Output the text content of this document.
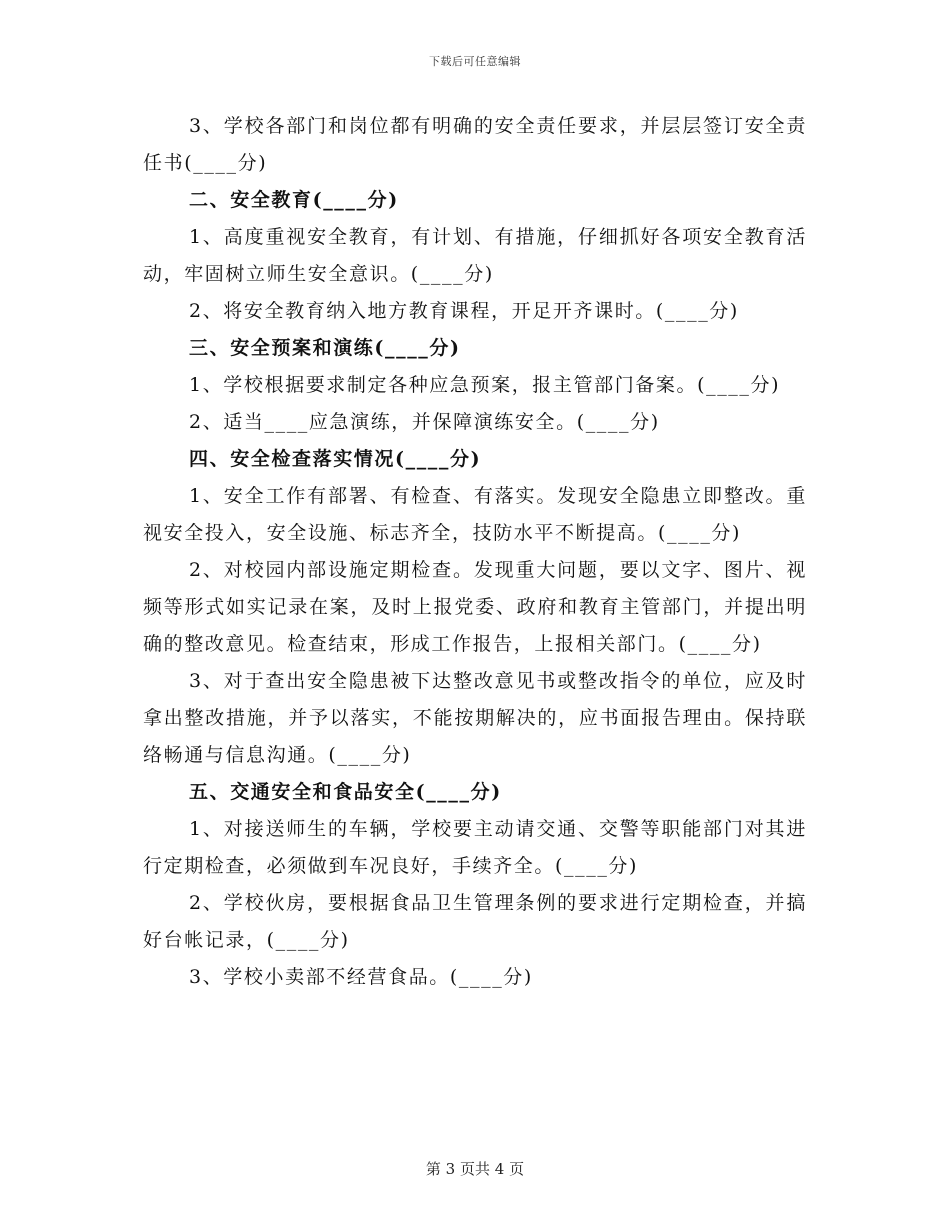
下载后可任意编辑

3、学校各部门和岗位都有明确的安全责任要求，并层层签订安全责任书(____分)

二、安全教育(____分)

1、高度重视安全教育，有计划、有措施，仔细抓好各项安全教育活动，牢固树立师生安全意识。(____分)

2、将安全教育纳入地方教育课程，开足开齐课时。(____分)

三、安全预案和演练(____分)

1、学校根据要求制定各种应急预案，报主管部门备案。(____分)

2、适当____应急演练，并保障演练安全。(____分)

四、安全检查落实情况(____分)

1、安全工作有部署、有检查、有落实。发现安全隐患立即整改。重视安全投入，安全设施、标志齐全，技防水平不断提高。(____分)

2、对校园内部设施定期检查。发现重大问题，要以文字、图片、视频等形式如实记录在案，及时上报党委、政府和教育主管部门，并提出明确的整改意见。检查结束，形成工作报告，上报相关部门。(____分)

3、对于查出安全隐患被下达整改意见书或整改指令的单位，应及时拿出整改措施，并予以落实，不能按期解决的，应书面报告理由。保持联络畅通与信息沟通。(____分)

五、交通安全和食品安全(____分)

1、对接送师生的车辆，学校要主动请交通、交警等职能部门对其进行定期检查，必须做到车况良好，手续齐全。(____分)

2、学校伙房，要根据食品卫生管理条例的要求进行定期检查，并搞好台帐记录，(____分)

3、学校小卖部不经营食品。(____分)

第 3 页共 4 页
